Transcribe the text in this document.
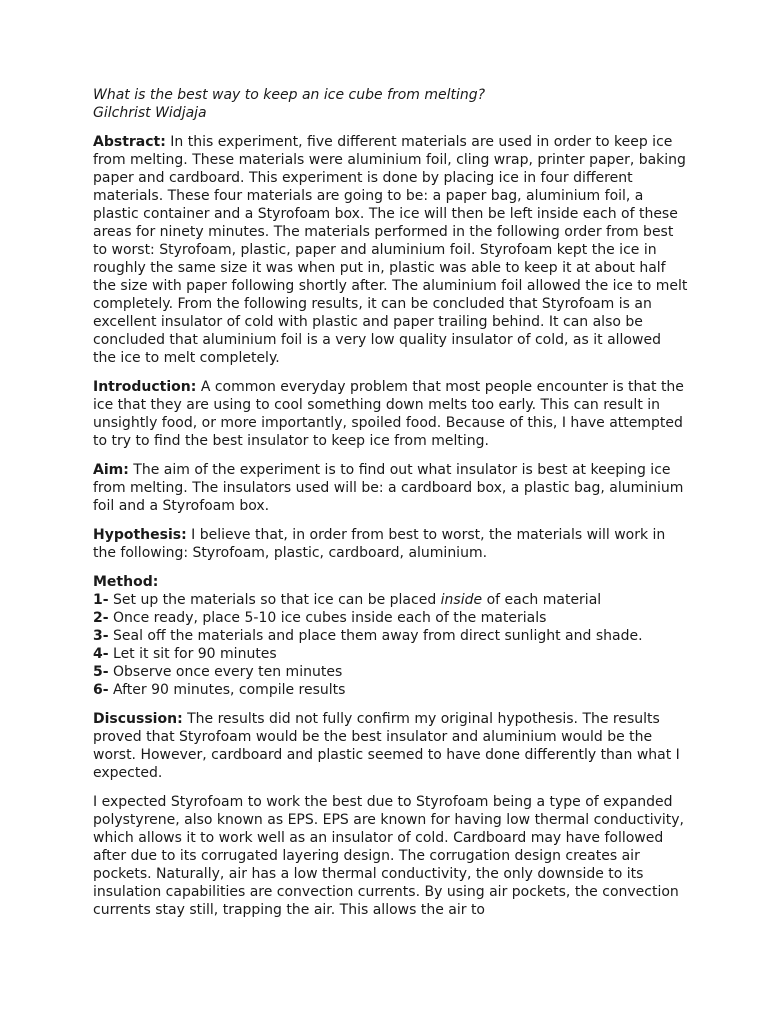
What is the best way to keep an ice cube from melting?
Gilchrist Widjaja

Abstract: In this experiment, five different materials are used in order to keep ice from melting. These materials were aluminium foil, cling wrap, printer paper, baking paper and cardboard. This experiment is done by placing ice in four different materials. These four materials are going to be: a paper bag, aluminium foil, a plastic container and a Styrofoam box. The ice will then be left inside each of these areas for ninety minutes. The materials performed in the following order from best to worst: Styrofoam, plastic, paper and aluminium foil. Styrofoam kept the ice in roughly the same size it was when put in, plastic was able to keep it at about half the size with paper following shortly after. The aluminium foil allowed the ice to melt completely. From the following results, it can be concluded that Styrofoam is an excellent insulator of cold with plastic and paper trailing behind. It can also be concluded that aluminium foil is a very low quality insulator of cold, as it allowed the ice to melt completely.

Introduction: A common everyday problem that most people encounter is that the ice that they are using to cool something down melts too early. This can result in unsightly food, or more importantly, spoiled food. Because of this, I have attempted to try to find the best insulator to keep ice from melting.

Aim: The aim of the experiment is to find out what insulator is best at keeping ice from melting. The insulators used will be: a cardboard box, a plastic bag, aluminium foil and a Styrofoam box.

Hypothesis: I believe that, in order from best to worst, the materials will work in the following: Styrofoam, plastic, cardboard, aluminium.

Method:
1- Set up the materials so that ice can be placed inside of each material
2- Once ready, place 5-10 ice cubes inside each of the materials
3- Seal off the materials and place them away from direct sunlight and shade.
4- Let it sit for 90 minutes
5- Observe once every ten minutes
6- After 90 minutes, compile results

Discussion: The results did not fully confirm my original hypothesis. The results proved that Styrofoam would be the best insulator and aluminium would be the worst. However, cardboard and plastic seemed to have done differently than what I expected.

I expected Styrofoam to work the best due to Styrofoam being a type of expanded polystyrene, also known as EPS. EPS are known for having low thermal conductivity, which allows it to work well as an insulator of cold. Cardboard may have followed after due to its corrugated layering design. The corrugation design creates air pockets. Naturally, air has a low thermal conductivity, the only downside to its insulation capabilities are convection currents. By using air pockets, the convection currents stay still, trapping the air. This allows the air to
